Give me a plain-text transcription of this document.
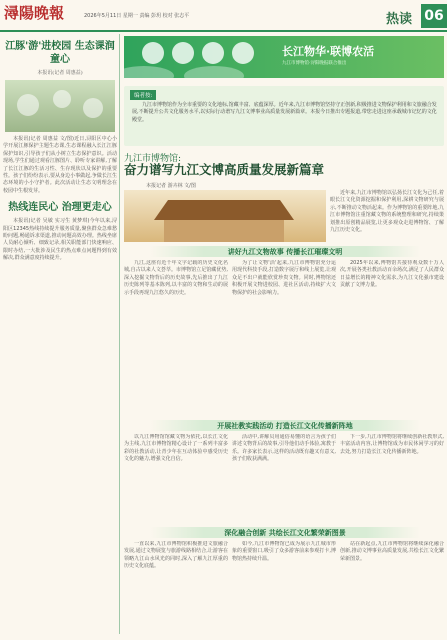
潯陽晚報	2026年5月11日 星期一 责编 彭玥 校对 张志平	热读 06
江豚'游'进校园 生态课润童心
本报讯(记者 周惠益)
本报讯(记者 周惠益 文/图)近日,浔阳区中心小学开展江豚保护主题生态课,生态课程融入长江江豚保护知识,引导孩子们从小树立生态保护意识。活动现场,学生们通过观看江豚图片、聆听专家讲解,了解了长江江豚的生活习性、生存现状以及保护的重要性。孩子们纷纷表示,要从身边小事做起,争做长江生态环境的小小守护者。此次活动让生态文明理念在校园中生根发芽。
热线连民心 治理更走心
本报讯(记者 吴敏 实习生 黄梦琪)今年以来,浔阳区12345热线持续提升服务质量,聚焦群众急难愁盼问题,畅通诉求渠道,推动问题高效办理。热线坐席人员耐心倾听、细致记录,相关职能部门快速响应、限时办结,一大批涉及民生的热点难点问题得到有效解决,群众满意度持续提升。
长江物华·联博农活
九江市博物馆·浔阳晚报联合推出
编者按:
九江市博物馆作为全市重要的文化地标,馆藏丰富、底蕴深厚。近年来,九江市博物馆坚持守正创新,积极推进文物保护利用和文旅融合发展,不断提升公共文化服务水平,以实际行动谱写九江文博事业高质量发展新篇章。本报今日推出专题报道,带您走进这座承载城市记忆的文化殿堂。
九江市博物馆:
奋力谱写九江文博高质量发展新篇章
本报记者 游卉林 文/图
近年来,九江市博物馆以弘扬长江文化为己任,着眼长江文化资源挖掘和保护利用,深耕文物研究与展示,不断推动文物活起来。作为博物馆的重要阵地,九江市博物馆注重馆藏文物的系统整理和研究,持续策划推出原创精品展览,让更多观众走进博物馆、了解九江历史文化。
讲好九江文物故事 传播长江璀璨文明
九江,这座有近千年文字记载的历史文化名城,自古以来人文荟萃。市博物馆立足馆藏优势,深入挖掘文物背后的历史故事,先后推出了九江历史陈列等基本陈列,以丰富的文物和生动的展示手段再现九江悠久的历史。
为了让文物'活'起来,九江市博物馆充分运用现代科技手段,打造数字展厅和线上展览,让观众足不出户就能欣赏珍贵文物。同时,博物馆还积极开展文物进校园、进社区活动,持续扩大文物保护的社会影响力。
2025年以来,博物馆共接待观众数十万人次,开展各类社教活动百余场次,满足了人民群众日益增长的精神文化需求,为九江文化强市建设贡献了文博力量。
开展社教实践活动 打造长江文化传播新阵地
以九江博物馆馆藏文物为依托,以长江文化为主线,九江市博物馆精心设计了一系列丰富多彩的社教活动,让青少年在互动体验中感受历史文化的魅力,增强文化自信。
活动中,讲解员用通俗易懂的语言为孩子们讲述文物背后的故事,引导他们动手体验,寓教于乐。许多家长表示,这样的活动既有趣又有意义,孩子们收获满满。
下一步,九江市博物馆将继续创新社教形式,丰富活动内容,让博物馆成为市民休闲学习的好去处,努力打造长江文化传播新阵地。
深化融合创新 共绘长江文化繁荣新图景
一直以来,九江市博物馆积极推进文旅融合发展,通过文物展览与旅游线路相结合,让游客在领略九江山水风光的同时,深入了解九江厚重的历史文化底蕴。
如今,九江市博物馆已成为展示九江城市形象的重要窗口,吸引了众多游客前来参观打卡,博物馆热持续升温。
站在新起点,九江市博物馆将继续深化融合创新,推动文博事业高质量发展,共绘长江文化繁荣新图景。
